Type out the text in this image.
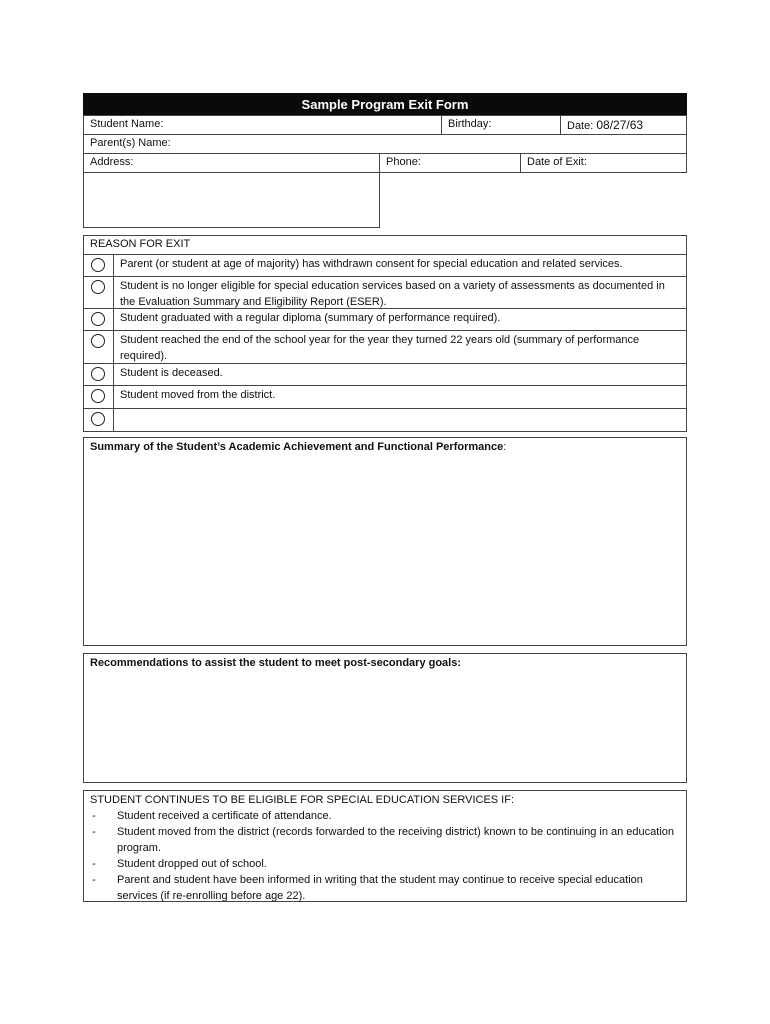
Sample Program Exit Form
Student Name:	Birthday:	Date: 08/27/63
Parent(s) Name:
Address:	Phone:	Date of Exit:
REASON FOR EXIT
Parent (or student at age of majority) has withdrawn consent for special education and related services.
Student is no longer eligible for special education services based on a variety of assessments as documented in the Evaluation Summary and Eligibility Report (ESER).
Student graduated with a regular diploma (summary of performance required).
Student reached the end of the school year for the year they turned 22 years old (summary of performance required).
Student is deceased.
Student moved from the district.
Summary of the Student’s Academic Achievement and Functional Performance:
Recommendations to assist the student to meet post-secondary goals:
STUDENT CONTINUES TO BE ELIGIBLE FOR SPECIAL EDUCATION SERVICES IF:
-	Student received a certificate of attendance.
-	Student moved from the district (records forwarded to the receiving district) known to be continuing in an education program.
-	Student dropped out of school.
-	Parent and student have been informed in writing that the student may continue to receive special education services (if re-enrolling before age 22).
